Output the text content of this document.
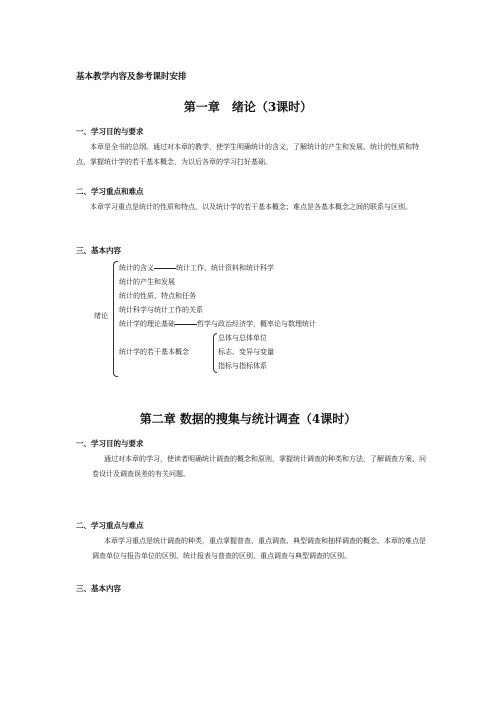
基本教学内容及参考课时安排
第一章　绪论（3课时）
一、学习目的与要求
本章是全书的总纲。通过对本章的教学，使学生明确统计的含义，了解统计的产生和发展、统计的性质和特点，掌握统计学的若干基本概念，为以后各章的学习打好基础。
二、学习重点和难点
本章学习重点是统计的性质和特点，以及统计学的若干基本概念；难点是各基本概念之间的联系与区别。
三、基本内容
绪论
统计的含义	统计工作、统计资料和统计科学
统计的产生和发展
统计的性质、特点和任务
统计科学与统计工作的关系
统计学的理论基础	哲学与政治经济学，概率论与数理统计
统计学的若干基本概念
总体与总体单位
标志、变异与变量
指标与指标体系
第二章 数据的搜集与统计调查（4课时）
一、学习目的与要求
通过对本章的学习，使读者明确统计调查的概念和原则，掌握统计调查的种类和方法，了解调查方案、问卷设计及调查误差的有关问题。
二、学习重点与难点
本章学习重点是统计调查的种类，重点掌握普查、重点调查、典型调查和抽样调查的概念。本章的难点是调查单位与报告单位的区别、统计报表与普查的区别、重点调查与典型调查的区别。
三、基本内容
